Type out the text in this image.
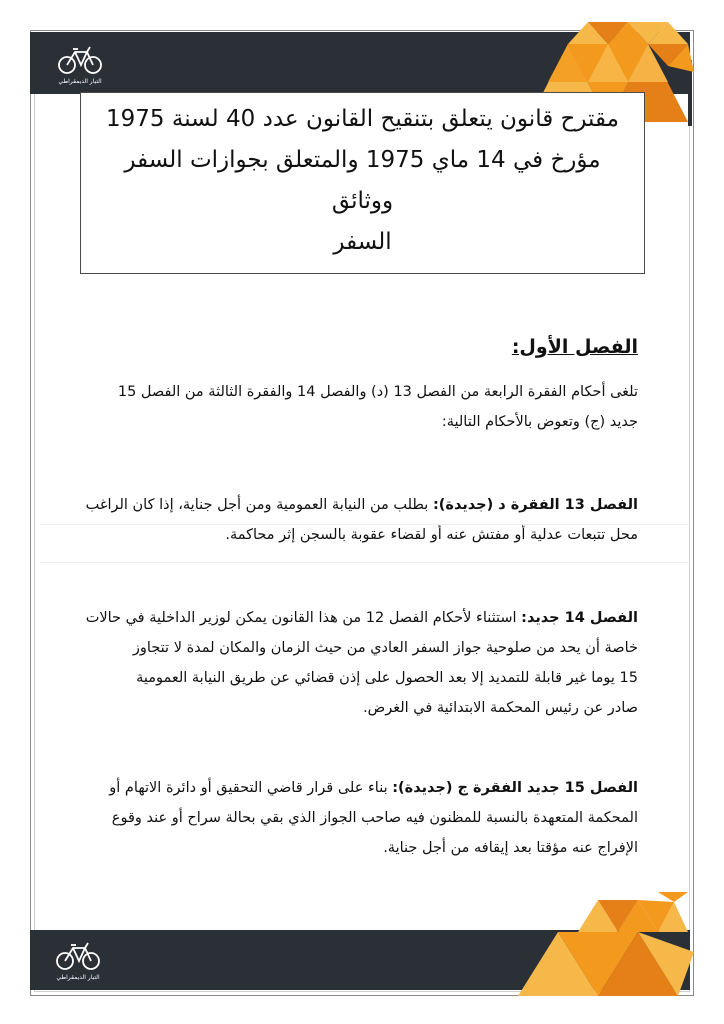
التيار الديمقراطي
مقترح قانون يتعلق بتنقيح القانون عدد 40 لسنة 1975
مؤرخ في 14 ماي 1975 والمتعلق بجوازات السفر ووثائق
السفر
الفصل الأول:
تلغى أحكام الفقرة الرابعة من الفصل 13 (د) والفصل 14 والفقرة الثالثة من الفصل 15
جديد (ج) وتعوض بالأحكام التالية:
الفصل 13 الفقرة د (جديدة): بطلب من النيابة العمومية ومن أجل جناية، إذا كان الراغب
محل تتبعات عدلية أو مفتش عنه أو لقضاء عقوبة بالسجن إثر محاكمة.
الفصل 14 جديد: استثناء لأحكام الفصل 12 من هذا القانون يمكن لوزير الداخلية في حالات
خاصة أن يحد من صلوحية جواز السفر العادي من حيث الزمان والمكان لمدة لا تتجاوز
15 يوما غير قابلة للتمديد إلا بعد الحصول على إذن قضائي عن طريق النيابة العمومية
صادر عن رئيس المحكمة الابتدائية في الغرض.
الفصل 15 جديد الفقرة ج (جديدة): بناء على قرار قاضي التحقيق أو دائرة الاتهام أو
المحكمة المتعهدة بالنسبة للمظنون فيه صاحب الجواز الذي بقي بحالة سراح أو عند وقوع
الإفراج عنه مؤقتا بعد إيقافه من أجل جناية.
التيار الديمقراطي
